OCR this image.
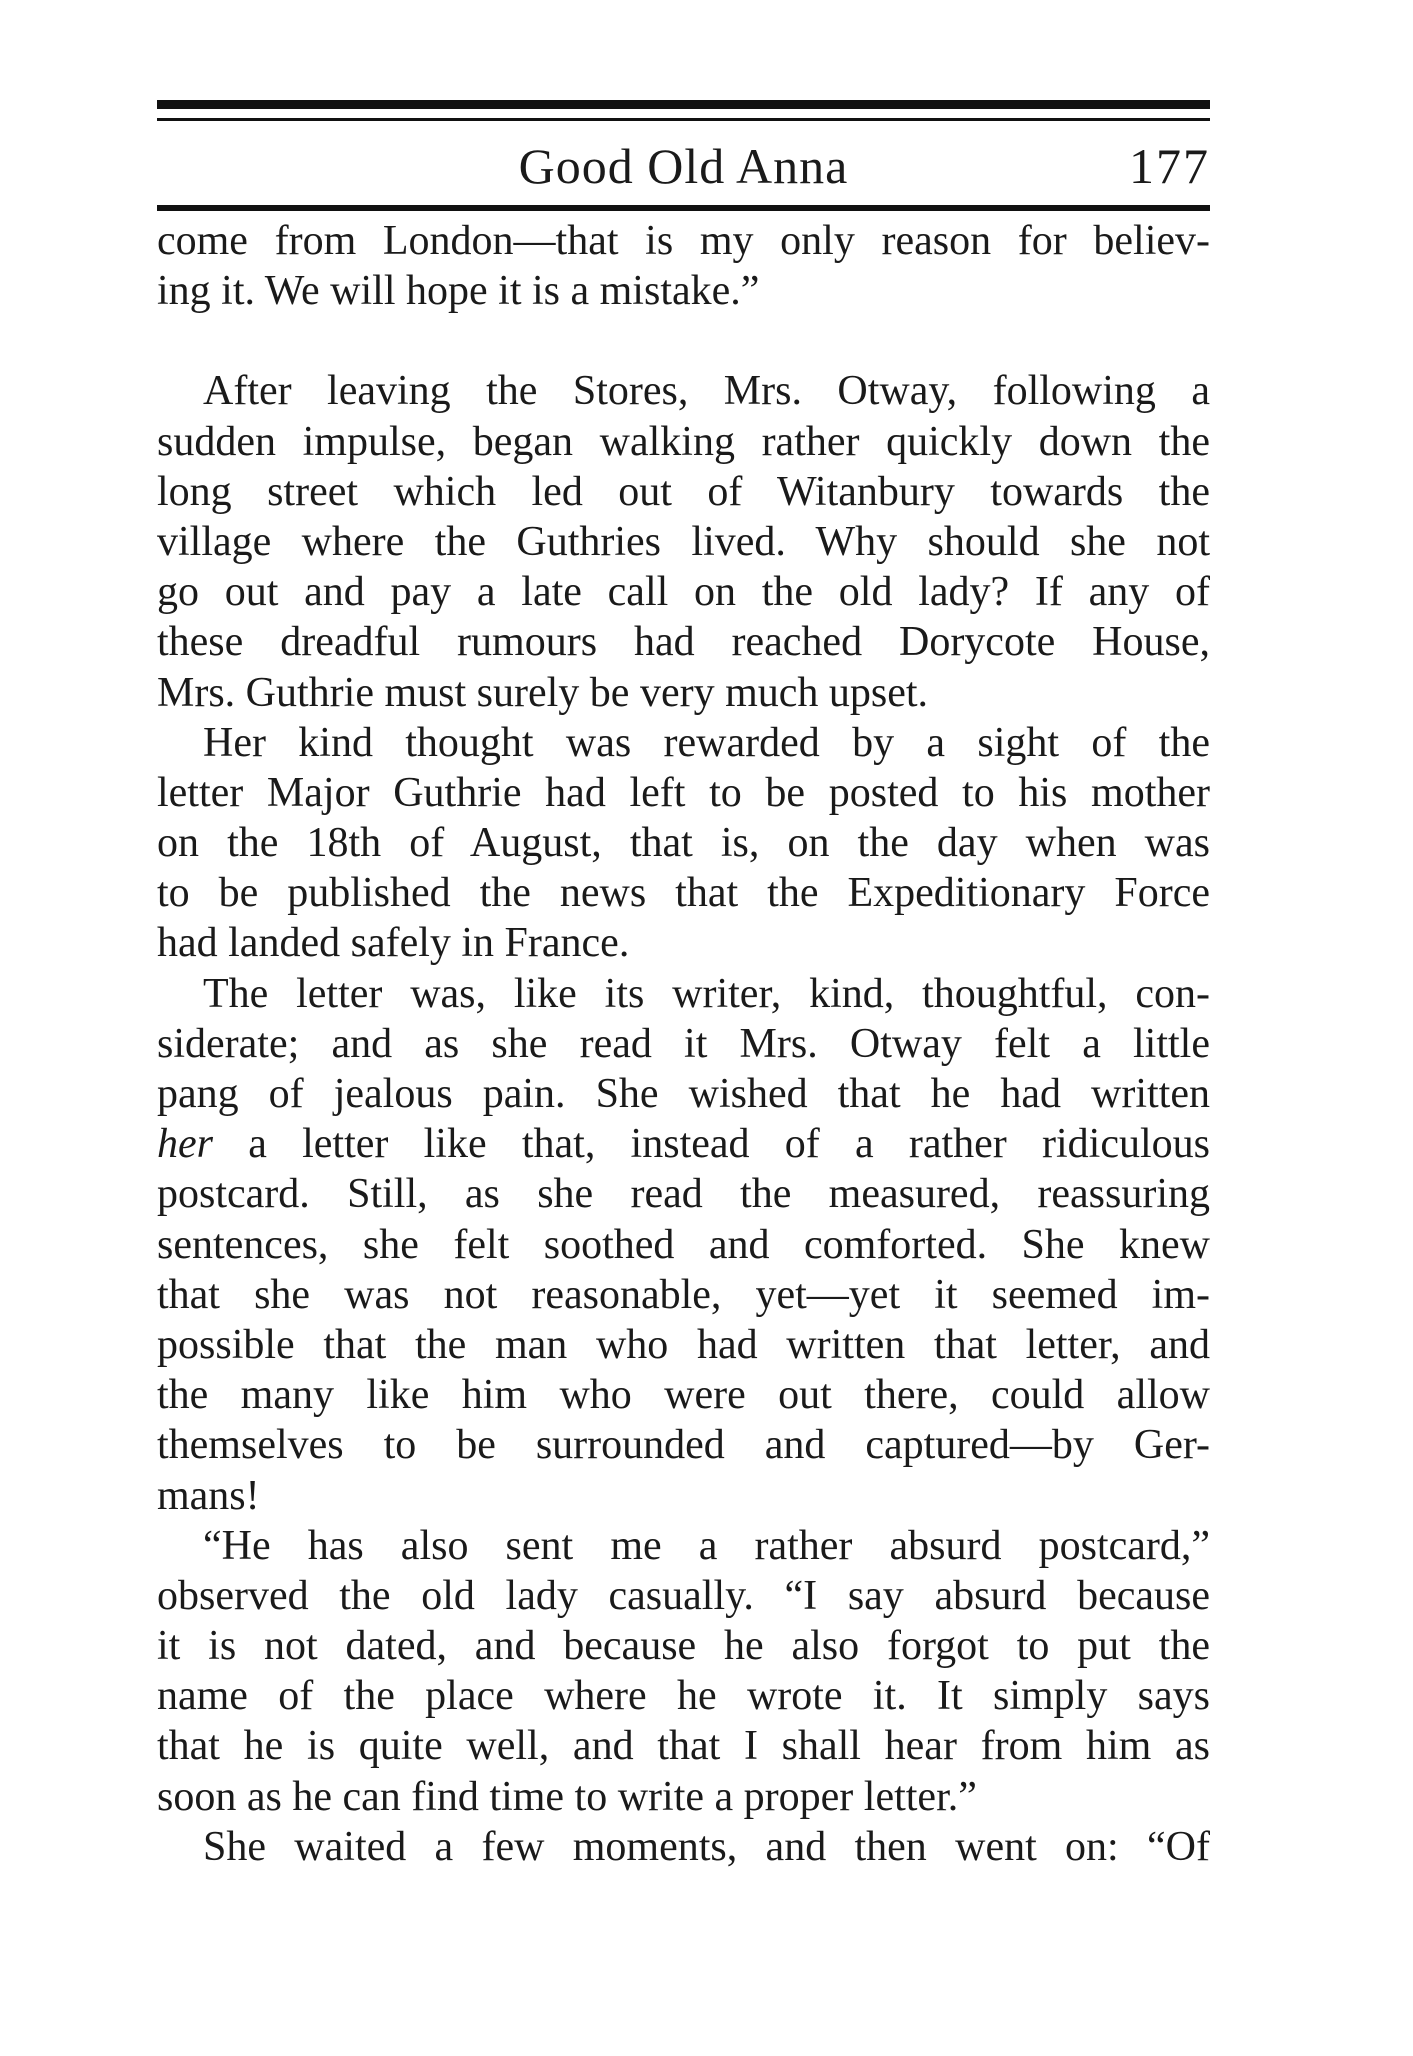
Good Old Anna	177
come from London—that is my only reason for believ-
ing it. We will hope it is a mistake.”
After leaving the Stores, Mrs. Otway, following a
sudden impulse, began walking rather quickly down the
long street which led out of Witanbury towards the
village where the Guthries lived. Why should she not
go out and pay a late call on the old lady? If any of
these dreadful rumours had reached Dorycote House,
Mrs. Guthrie must surely be very much upset.
Her kind thought was rewarded by a sight of the
letter Major Guthrie had left to be posted to his mother
on the 18th of August, that is, on the day when was
to be published the news that the Expeditionary Force
had landed safely in France.
The letter was, like its writer, kind, thoughtful, con-
siderate; and as she read it Mrs. Otway felt a little
pang of jealous pain. She wished that he had written
her a letter like that, instead of a rather ridiculous
postcard. Still, as she read the measured, reassuring
sentences, she felt soothed and comforted. She knew
that she was not reasonable, yet—yet it seemed im-
possible that the man who had written that letter, and
the many like him who were out there, could allow
themselves to be surrounded and captured—by Ger-
mans!
“He has also sent me a rather absurd postcard,”
observed the old lady casually. “I say absurd because
it is not dated, and because he also forgot to put the
name of the place where he wrote it. It simply says
that he is quite well, and that I shall hear from him as
soon as he can find time to write a proper letter.”
She waited a few moments, and then went on: “Of
